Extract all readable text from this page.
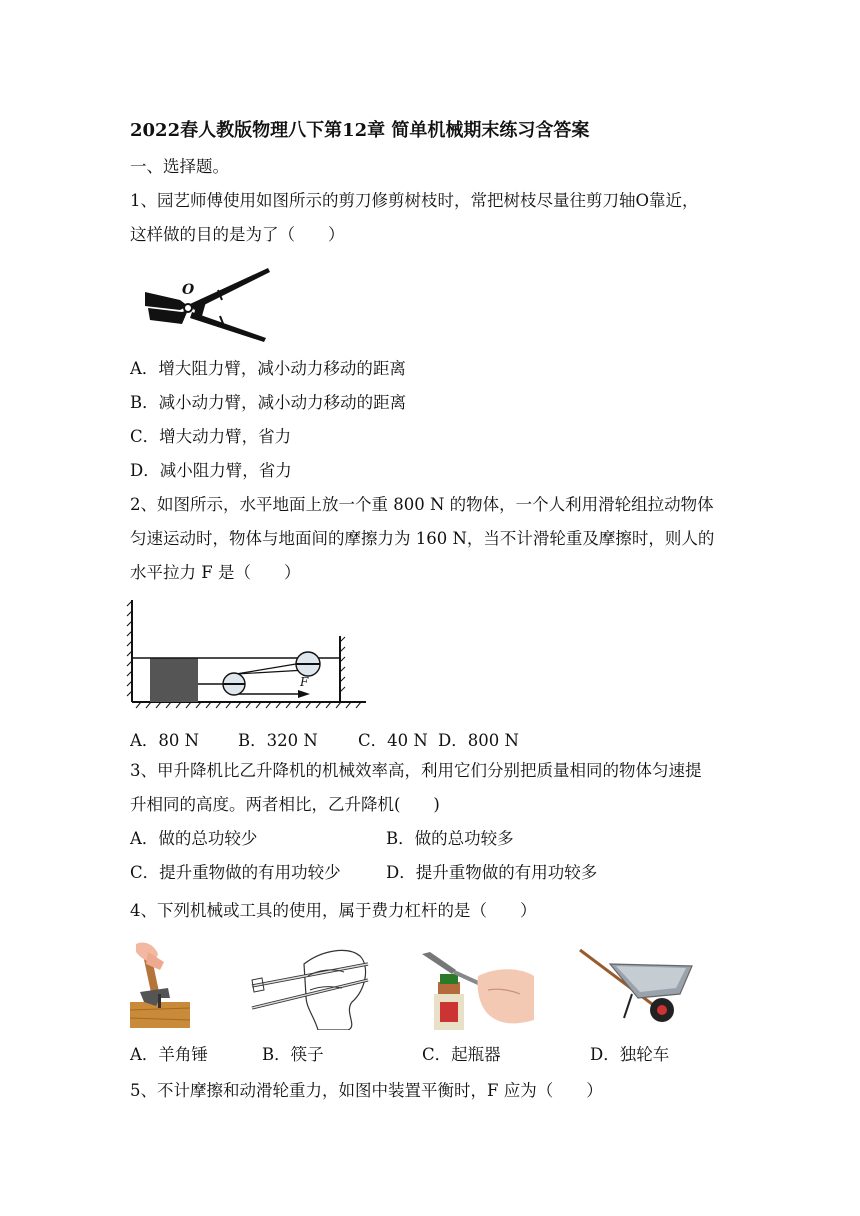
2022春人教版物理八下第12章 简单机械期末练习含答案
一、选择题。
1、园艺师傅使用如图所示的剪刀修剪树枝时，常把树枝尽量往剪刀轴O靠近，
这样做的目的是为了（　　）
O
A．增大阻力臂，减小动力移动的距离
B．减小动力臂，减小动力移动的距离
C．增大动力臂，省力
D．减小阻力臂，省力
2、如图所示，水平地面上放一个重 800 N 的物体，一个人利用滑轮组拉动物体
匀速运动时，物体与地面间的摩擦力为 160 N，当不计滑轮重及摩擦时，则人的
水平拉力 F 是（　　）
F
A．80 N B．320 N C．40 N D．800 N
3、甲升降机比乙升降机的机械效率高，利用它们分别把质量相同的物体匀速提
升相同的高度。两者相比，乙升降机(　　)
A．做的总功较少	B．做的总功较多
C．提升重物做的有用功较少	D．提升重物做的有用功较多
4、下列机械或工具的使用，属于费力杠杆的是（　　）
A．羊角锤	B．筷子	C．起瓶器	D．独轮车
5、不计摩擦和动滑轮重力，如图中装置平衡时，F 应为（　　）
